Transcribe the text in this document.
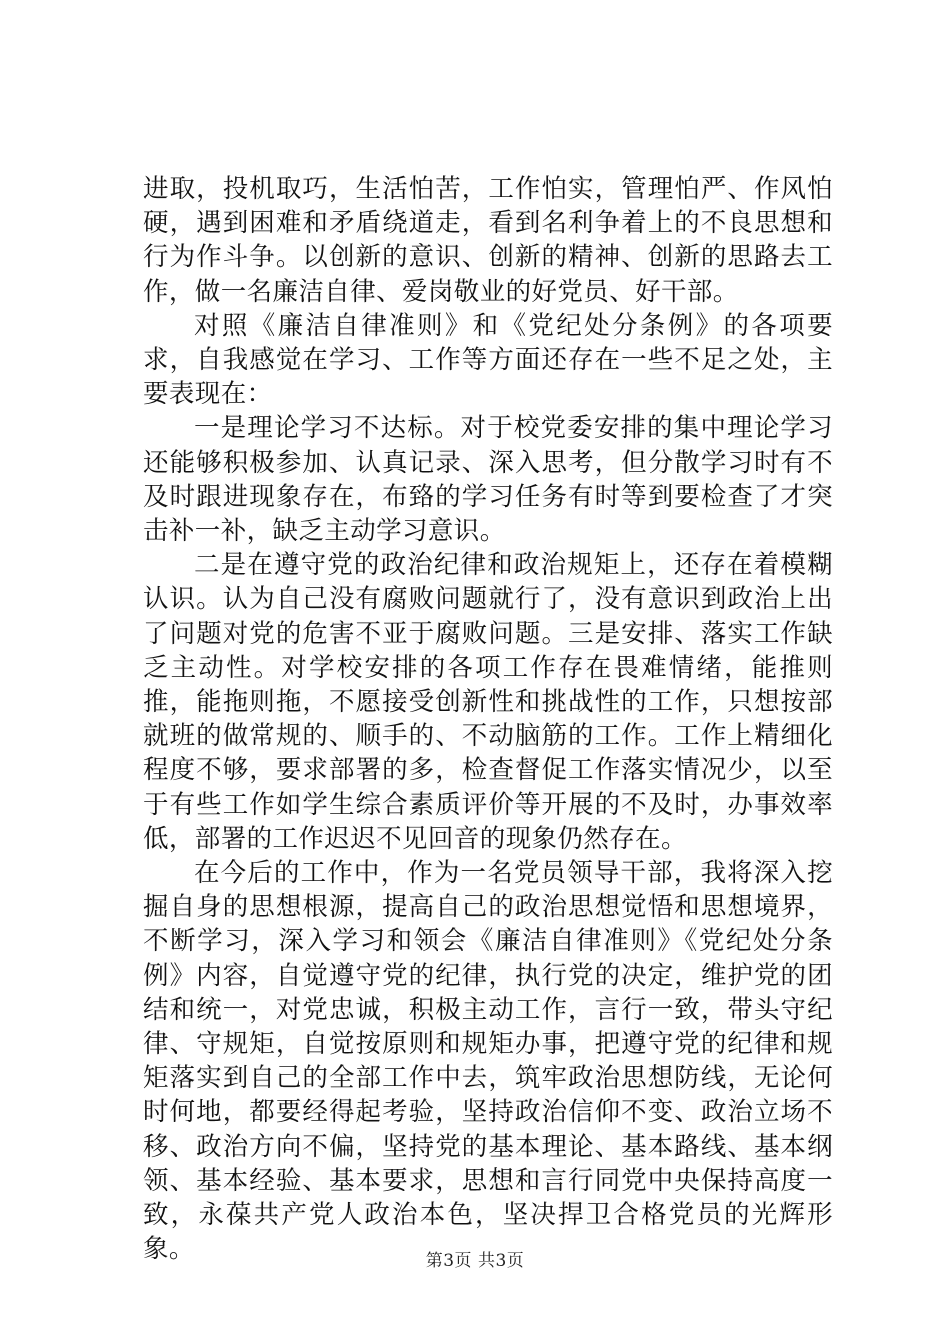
进取，投机取巧，生活怕苦，工作怕实，管理怕严、作风怕硬，遇到困难和矛盾绕道走，看到名利争着上的不良思想和行为作斗争。以创新的意识、创新的精神、创新的思路去工作，做一名廉洁自律、爱岗敬业的好党员、好干部。

对照《廉洁自律准则》和《党纪处分条例》的各项要求，自我感觉在学习、工作等方面还存在一些不足之处，主要表现在：

一是理论学习不达标。对于校党委安排的集中理论学习还能够积极参加、认真记录、深入思考，但分散学习时有不及时跟进现象存在，布臵的学习任务有时等到要检查了才突击补一补，缺乏主动学习意识。

二是在遵守党的政治纪律和政治规矩上，还存在着模糊认识。认为自己没有腐败问题就行了，没有意识到政治上出了问题对党的危害不亚于腐败问题。三是安排、落实工作缺乏主动性。对学校安排的各项工作存在畏难情绪，能推则推，能拖则拖，不愿接受创新性和挑战性的工作，只想按部就班的做常规的、顺手的、不动脑筋的工作。工作上精细化程度不够，要求部署的多，检查督促工作落实情况少，以至于有些工作如学生综合素质评价等开展的不及时，办事效率低，部署的工作迟迟不见回音的现象仍然存在。

在今后的工作中，作为一名党员领导干部，我将深入挖掘自身的思想根源，提高自己的政治思想觉悟和思想境界，不断学习，深入学习和领会《廉洁自律准则》《党纪处分条例》内容，自觉遵守党的纪律，执行党的决定，维护党的团结和统一，对党忠诚，积极主动工作，言行一致，带头守纪律、守规矩，自觉按原则和规矩办事，把遵守党的纪律和规矩落实到自己的全部工作中去，筑牢政治思想防线，无论何时何地，都要经得起考验，坚持政治信仰不变、政治立场不移、政治方向不偏，坚持党的基本理论、基本路线、基本纲领、基本经验、基本要求，思想和言行同党中央保持高度一致，永葆共产党人政治本色，坚决捍卫合格党员的光辉形象。	第3页 共3页
